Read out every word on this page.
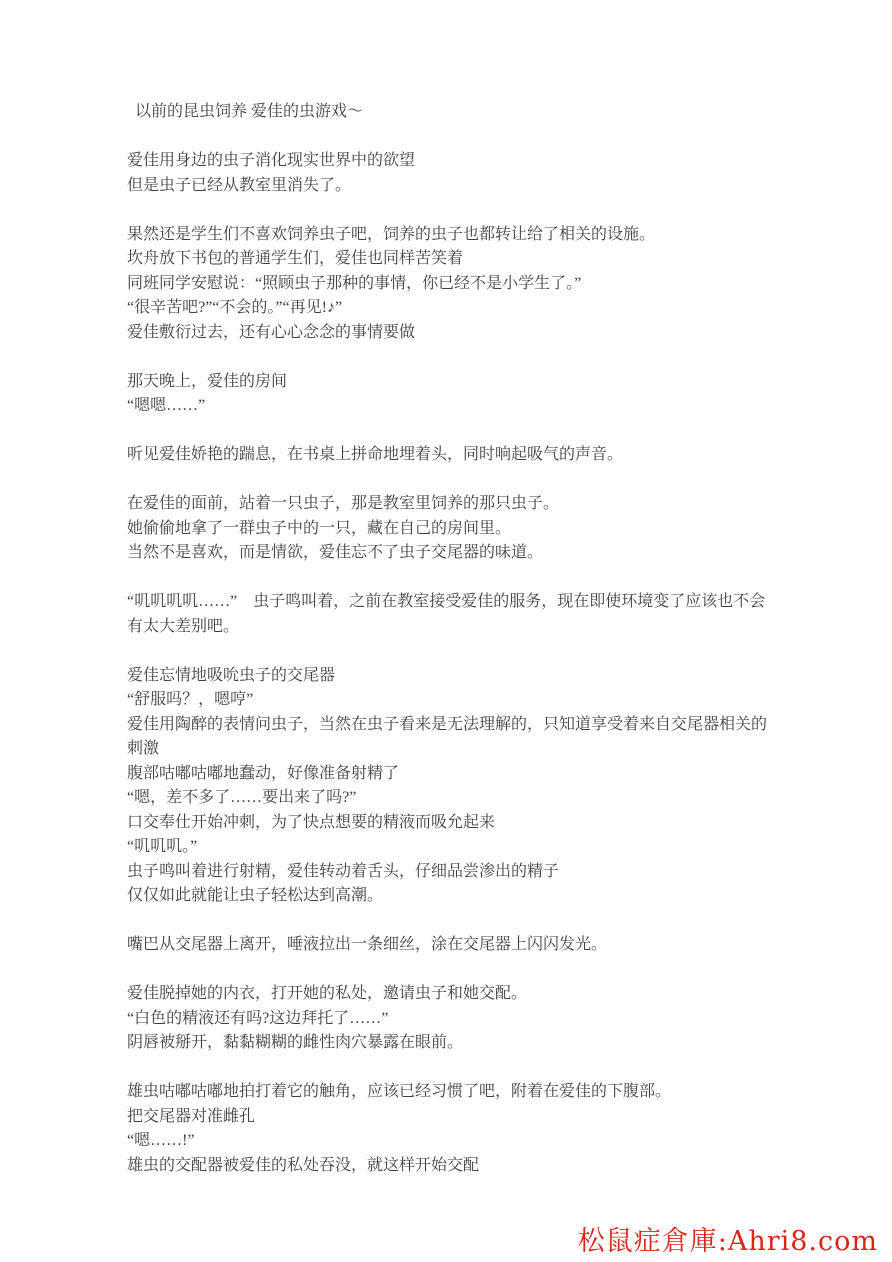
以前的昆虫饲养 爱佳的虫游戏～
爱佳用身边的虫子消化现实世界中的欲望
但是虫子已经从教室里消失了。
果然还是学生们不喜欢饲养虫子吧，饲养的虫子也都转让给了相关的设施。
坎舟放下书包的普通学生们，爱佳也同样苦笑着
同班同学安慰说：“照顾虫子那种的事情，你已经不是小学生了。”
“很辛苦吧?”“不会的。”“再见!♪”
爱佳敷衍过去，还有心心念念的事情要做
那天晚上，爱佳的房间
“嗯嗯……”
听见爱佳娇艳的踹息，在书桌上拼命地埋着头，同时响起吸气的声音。
在爱佳的面前，站着一只虫子，那是教室里饲养的那只虫子。
她偷偷地拿了一群虫子中的一只，藏在自己的房间里。
当然不是喜欢，而是情欲，爱佳忘不了虫子交尾器的味道。
“叽叽叽叽……”　虫子鸣叫着，之前在教室接受爱佳的服务，现在即使环境变了应该也不会有太大差别吧。
爱佳忘情地吸吮虫子的交尾器
“舒服吗？，嗯哼”
爱佳用陶醉的表情问虫子，当然在虫子看来是无法理解的，只知道享受着来自交尾器相关的刺激
腹部咕嘟咕嘟地蠢动，好像准备射精了
“嗯，差不多了……要出来了吗?”
口交奉仕开始冲刺，为了快点想要的精液而吸允起来
“叽叽叽。”
虫子鸣叫着进行射精，爱佳转动着舌头，仔细品尝渗出的精子
仅仅如此就能让虫子轻松达到高潮。
嘴巴从交尾器上离开，唾液拉出一条细丝，涂在交尾器上闪闪发光。
爱佳脱掉她的内衣，打开她的私处，邀请虫子和她交配。
“白色的精液还有吗?这边拜托了……”
阴唇被掰开，黏黏糊糊的雌性肉穴暴露在眼前。
雄虫咕嘟咕嘟地拍打着它的触角，应该已经习惯了吧，附着在爱佳的下腹部。
把交尾器对准雌孔
“嗯……!”
雄虫的交配器被爱佳的私处吞没，就这样开始交配
松鼠症倉庫:Ahri8.com
